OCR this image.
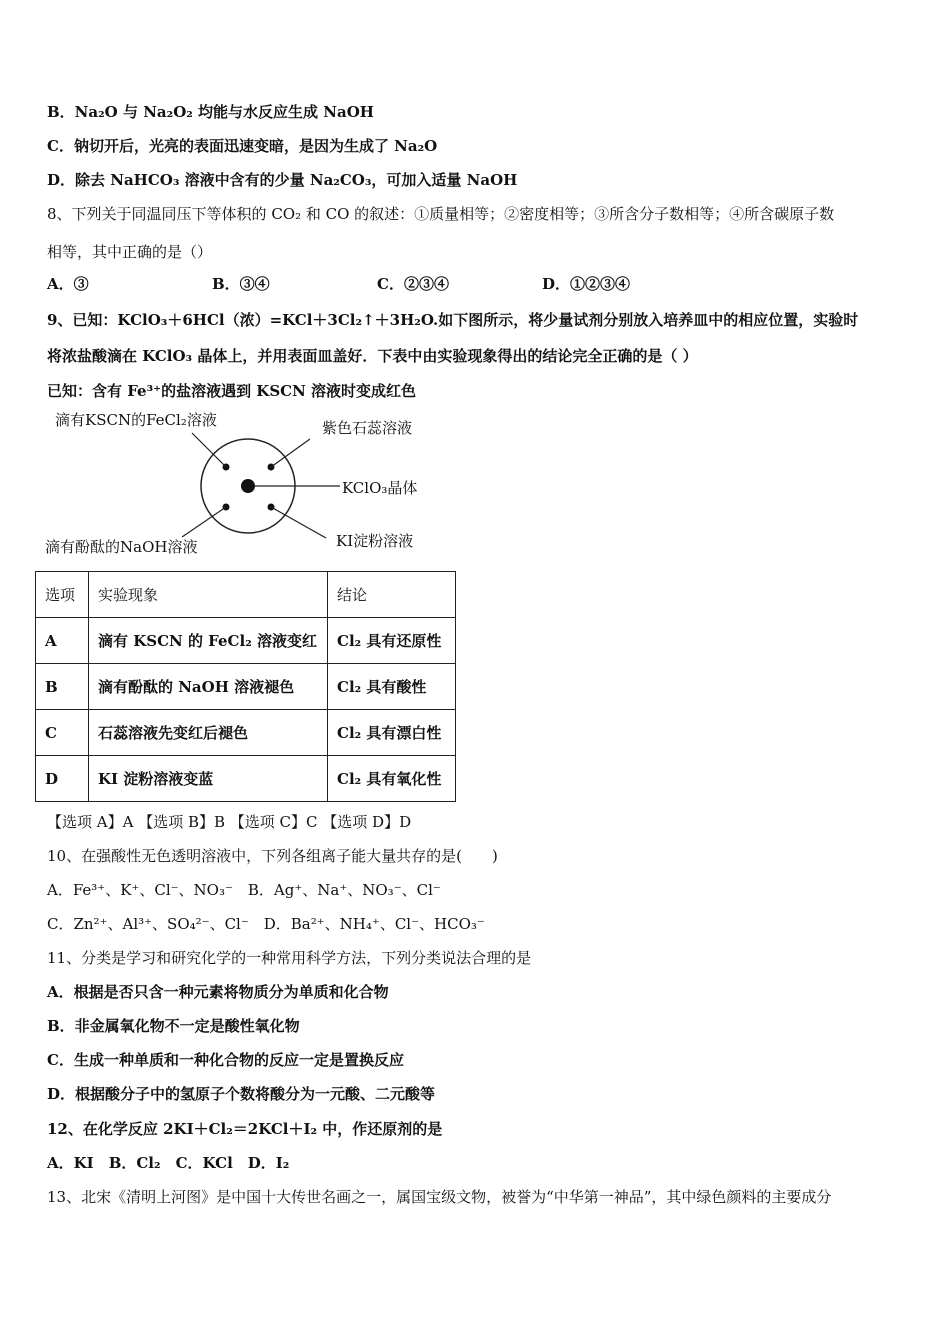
B．Na₂O 与 Na₂O₂ 均能与水反应生成 NaOH
C．钠切开后，光亮的表面迅速变暗，是因为生成了 Na₂O
D．除去 NaHCO₃ 溶液中含有的少量 Na₂CO₃，可加入适量 NaOH
8、下列关于同温同压下等体积的 CO₂ 和 CO 的叙述：①质量相等；②密度相等；③所含分子数相等；④所含碳原子数
相等，其中正确的是（）
A．③	B．③④	C．②③④	D．①②③④
9、已知：KClO₃＋6HCl（浓）=KCl＋3Cl₂↑＋3H₂O.如下图所示，将少量试剂分别放入培养皿中的相应位置，实验时
将浓盐酸滴在 KClO₃ 晶体上，并用表面皿盖好．下表中由实验现象得出的结论完全正确的是（ ）
已知：含有 Fe³⁺的盐溶液遇到 KSCN 溶液时变成红色
滴有KSCN的FeCl₂溶液	紫色石蕊溶液
KClO₃晶体
KI淀粉溶液
滴有酚酞的NaOH溶液
选项	实验现象	结论
A	滴有 KSCN 的 FeCl₂ 溶液变红	Cl₂ 具有还原性
B	滴有酚酞的 NaOH 溶液褪色	Cl₂ 具有酸性
C	石蕊溶液先变红后褪色	Cl₂ 具有漂白性
D	KI 淀粉溶液变蓝	Cl₂ 具有氧化性
【选项 A】A 【选项 B】B 【选项 C】C 【选项 D】D
10、在强酸性无色透明溶液中，下列各组离子能大量共存的是(　　)
A．Fe³⁺、K⁺、Cl⁻、NO₃⁻　B．Ag⁺、Na⁺、NO₃⁻、Cl⁻
C．Zn²⁺、Al³⁺、SO₄²⁻、Cl⁻　D．Ba²⁺、NH₄⁺、Cl⁻、HCO₃⁻
11、分类是学习和研究化学的一种常用科学方法，下列分类说法合理的是
A．根据是否只含一种元素将物质分为单质和化合物
B．非金属氧化物不一定是酸性氧化物
C．生成一种单质和一种化合物的反应一定是置换反应
D．根据酸分子中的氢原子个数将酸分为一元酸、二元酸等
12、在化学反应 2KI＋Cl₂＝2KCl＋I₂ 中，作还原剂的是
A．KI　B．Cl₂　C．KCl　D．I₂
13、北宋《清明上河图》是中国十大传世名画之一，属国宝级文物，被誉为“中华第一神品”，其中绿色颜料的主要成分
